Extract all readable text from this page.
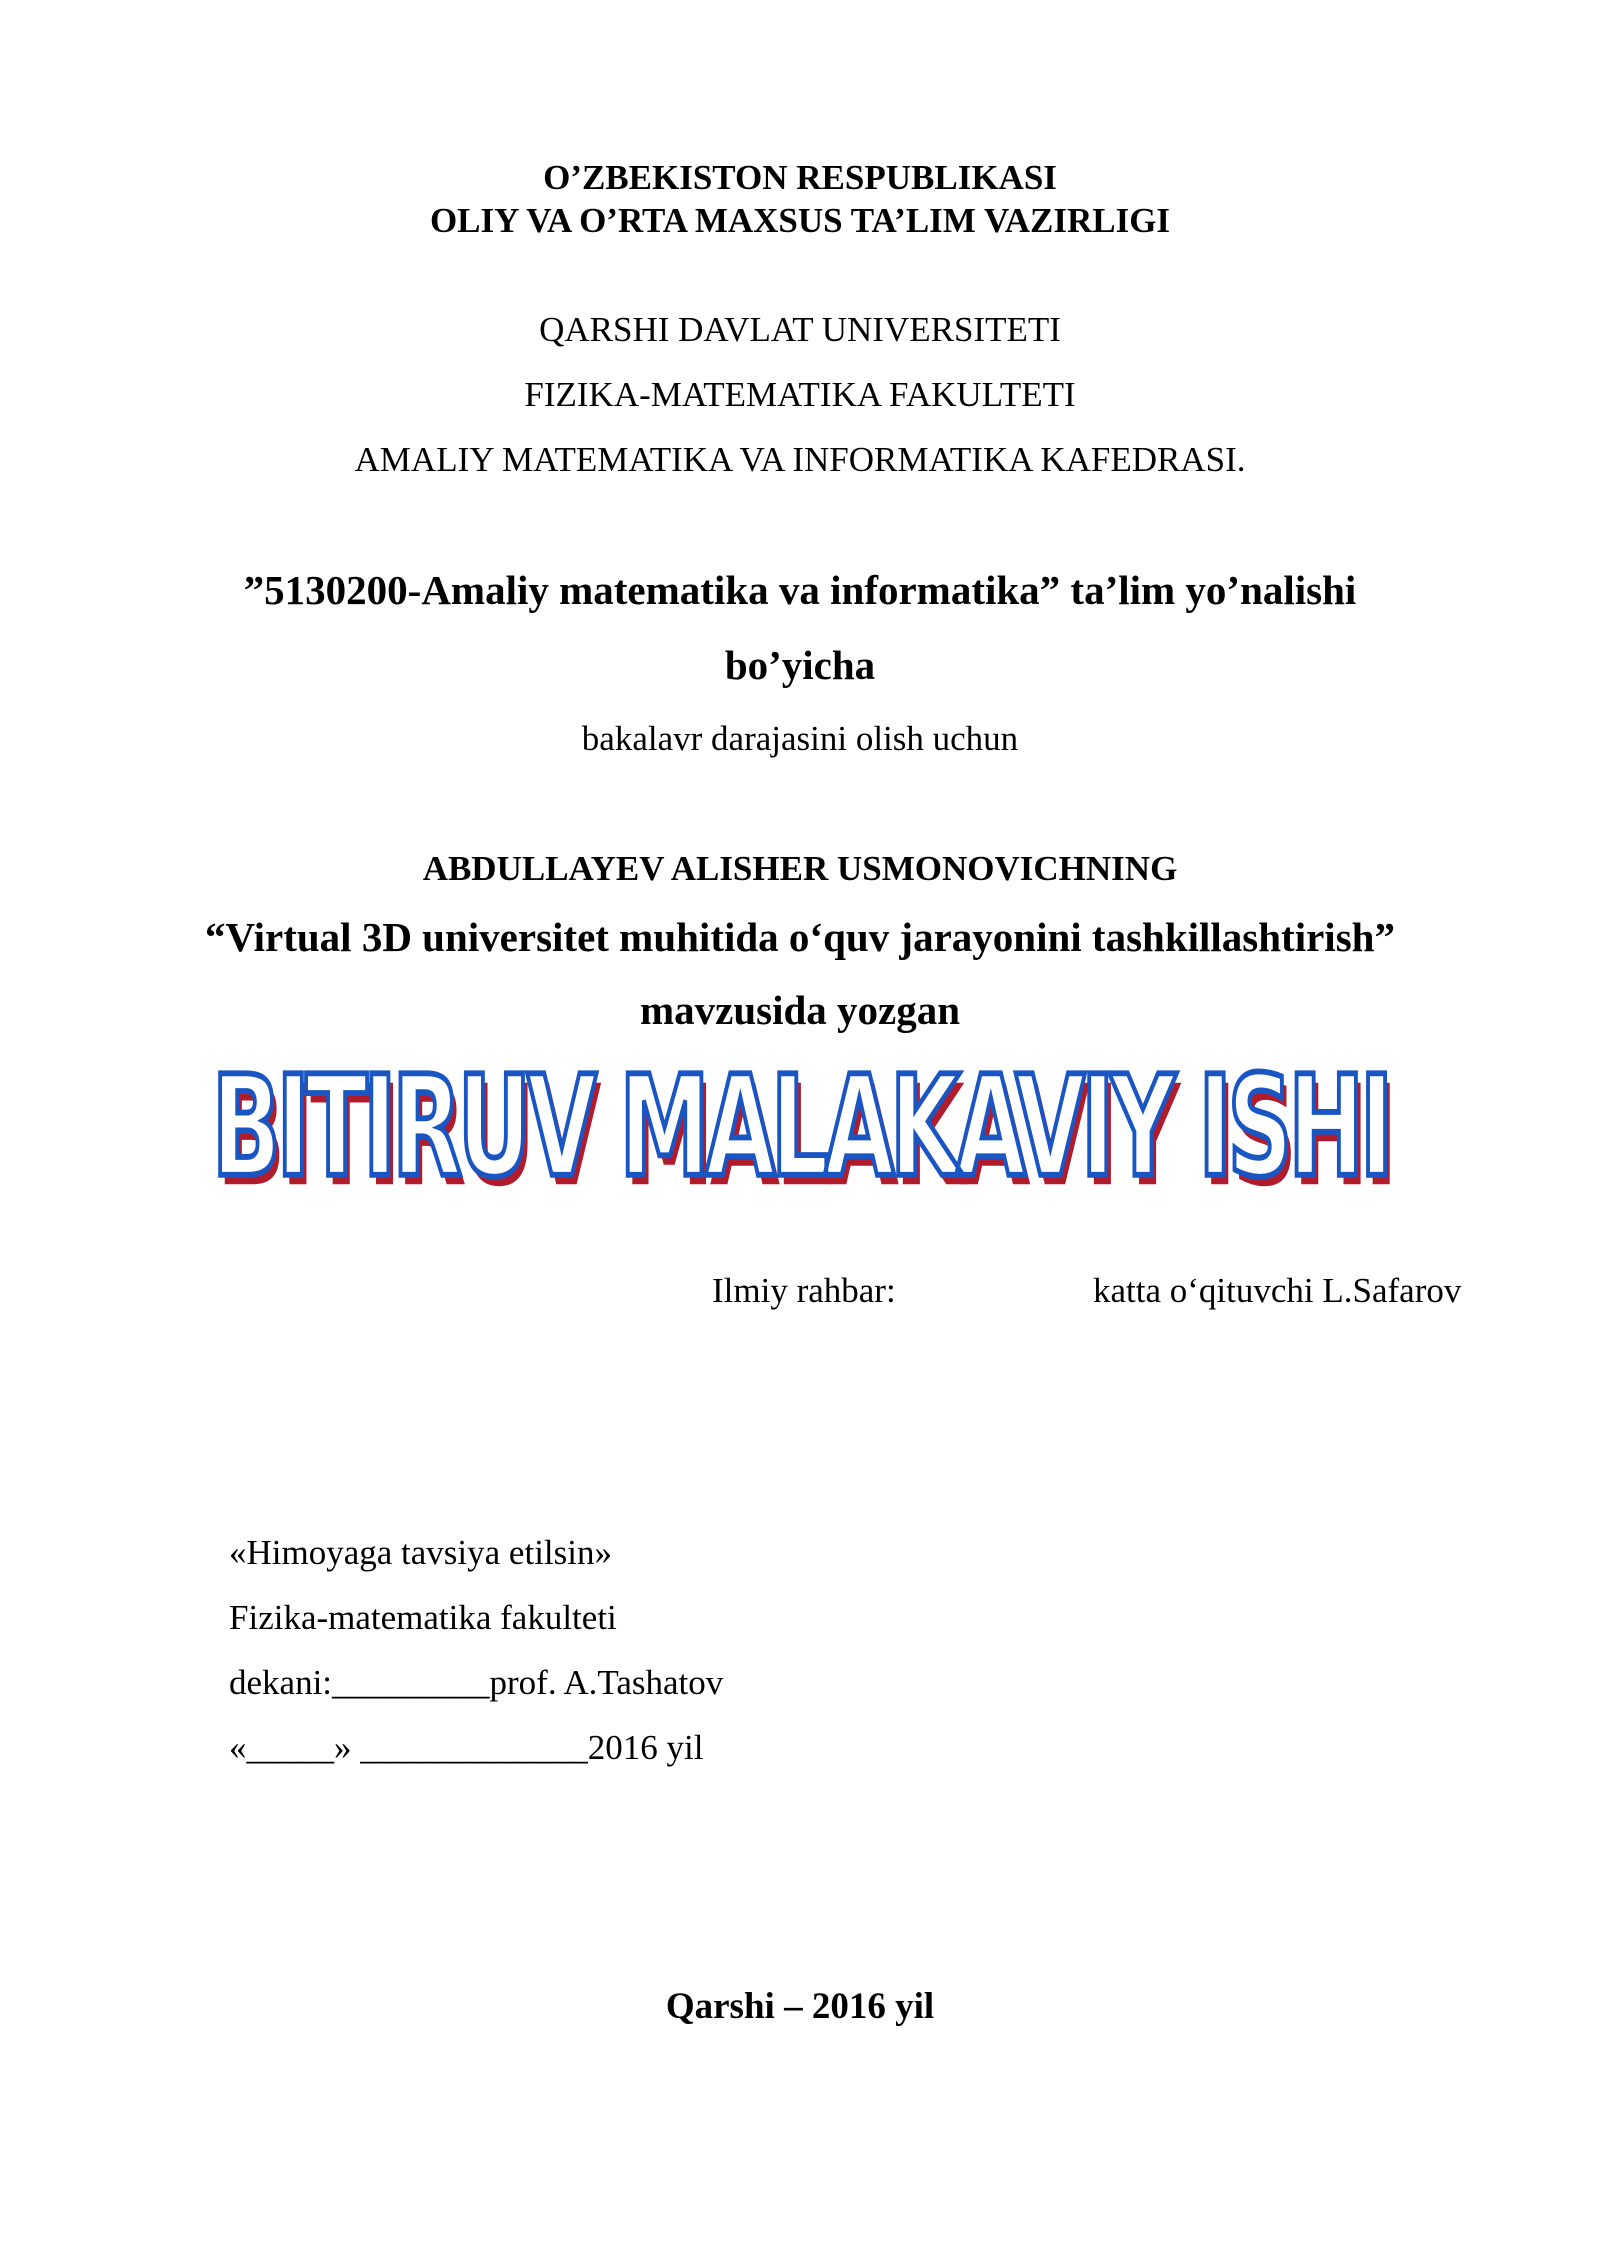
O’ZBEKISTON RESPUBLIKASI
OLIY VA O’RTA MAXSUS TA’LIM VAZIRLIGI
QARSHI DAVLAT UNIVERSITETI
FIZIKA-MATEMATIKA FAKULTETI
AMALIY MATEMATIKA VA INFORMATIKA KAFEDRASI.
”5130200-Amaliy matematika va informatika” ta’lim yo’nalishi
bo’yicha
bakalavr darajasini olish uchun
ABDULLAYEV ALISHER USMONOVICHNING
“Virtual 3D universitet muhitida o‘quv jarayonini tashkillashtirish”
mavzusida yozgan
BITIRUV MALAKAVIY ISHI
Ilmiy rahbar:	katta o‘qituvchi L.Safarov
«Himoyaga tavsiya etilsin»
Fizika-matematika fakulteti
dekani:_________prof. A.Tashatov
«_____» _____________2016 yil
Qarshi – 2016 yil
